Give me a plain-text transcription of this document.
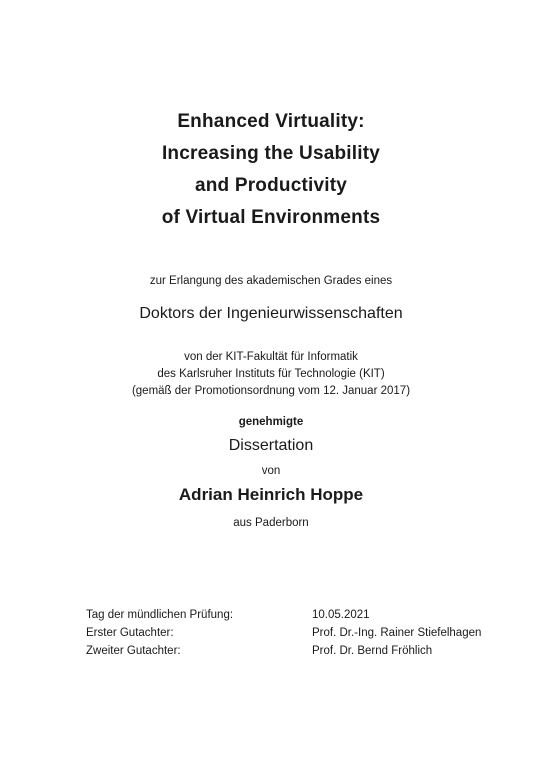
Enhanced Virtuality:
Increasing the Usability
and Productivity
of Virtual Environments
zur Erlangung des akademischen Grades eines
Doktors der Ingenieurwissenschaften
von der KIT-Fakultät für Informatik
des Karlsruher Instituts für Technologie (KIT)
(gemäß der Promotionsordnung vom 12. Januar 2017)
genehmigte
Dissertation
von
Adrian Heinrich Hoppe
aus Paderborn
Tag der mündlichen Prüfung:	10.05.2021
Erster Gutachter:	Prof. Dr.-Ing. Rainer Stiefelhagen
Zweiter Gutachter:	Prof. Dr. Bernd Fröhlich
